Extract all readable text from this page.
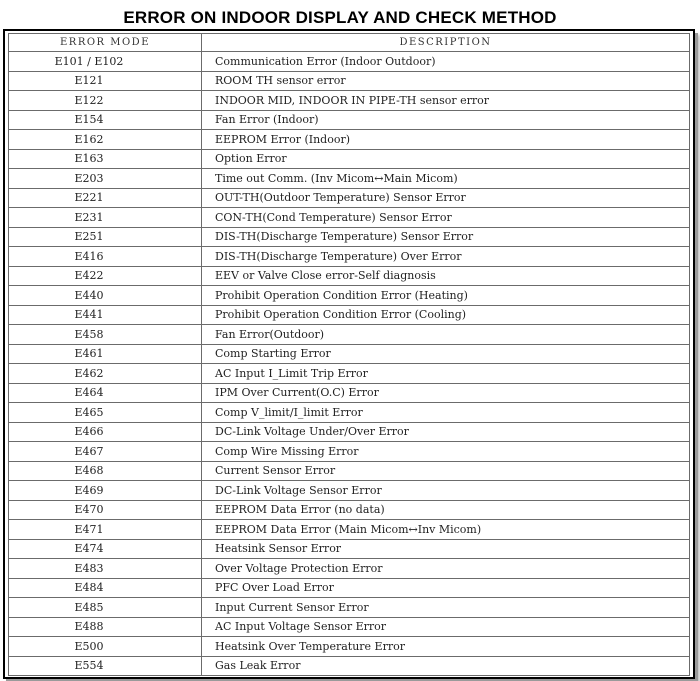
ERROR ON INDOOR DISPLAY AND CHECK METHOD
ERROR MODE	DESCRIPTION
E101 / E102	Communication Error (Indoor Outdoor)
E121	ROOM TH sensor error
E122	INDOOR MID, INDOOR IN PIPE-TH sensor error
E154	Fan Error (Indoor)
E162	EEPROM Error (Indoor)
E163	Option Error
E203	Time out Comm. (Inv Micom↔Main Micom)
E221	OUT-TH(Outdoor Temperature) Sensor Error
E231	CON-TH(Cond Temperature) Sensor Error
E251	DIS-TH(Discharge Temperature) Sensor Error
E416	DIS-TH(Discharge Temperature) Over Error
E422	EEV or Valve Close error-Self diagnosis
E440	Prohibit Operation Condition Error (Heating)
E441	Prohibit Operation Condition Error (Cooling)
E458	Fan Error(Outdoor)
E461	Comp Starting Error
E462	AC Input I_Limit Trip Error
E464	IPM Over Current(O.C) Error
E465	Comp V_limit/I_limit Error
E466	DC-Link Voltage Under/Over Error
E467	Comp Wire Missing Error
E468	Current Sensor Error
E469	DC-Link Voltage Sensor Error
E470	EEPROM Data Error (no data)
E471	EEPROM Data Error (Main Micom↔Inv Micom)
E474	Heatsink Sensor Error
E483	Over Voltage Protection Error
E484	PFC Over Load Error
E485	Input Current Sensor Error
E488	AC Input Voltage Sensor Error
E500	Heatsink Over Temperature Error
E554	Gas Leak Error
